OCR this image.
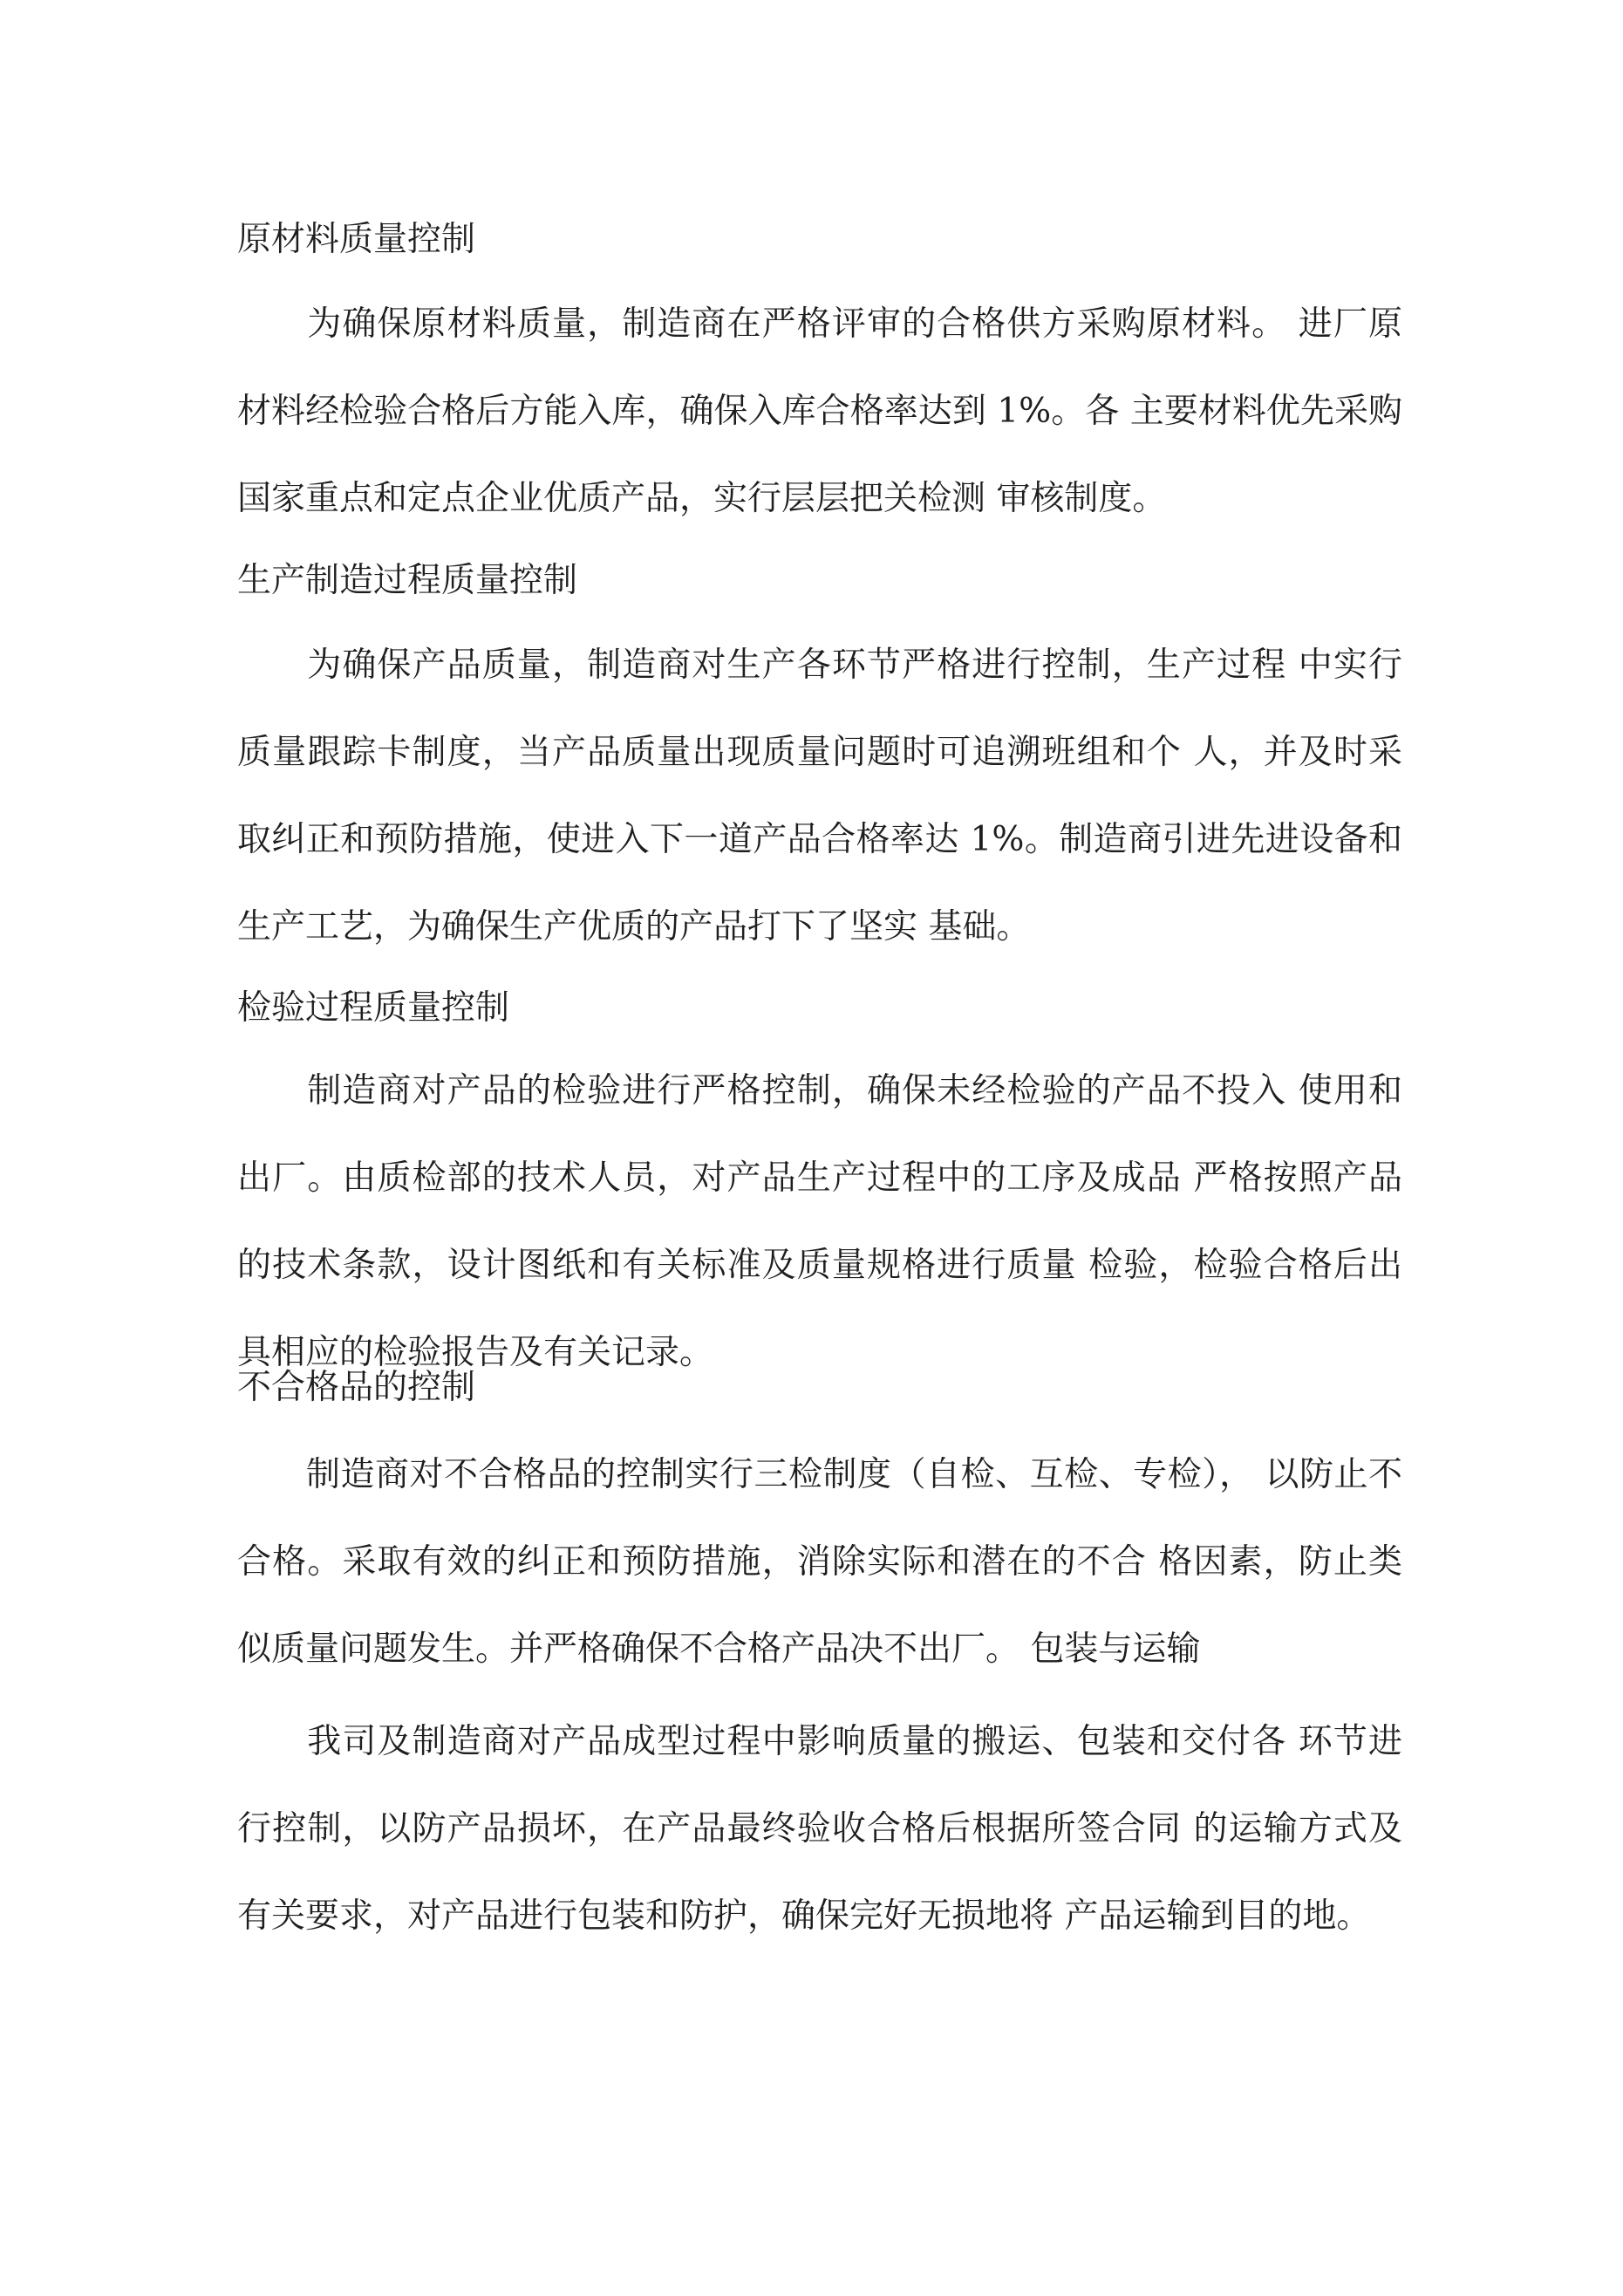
原材料质量控制
　　为确保原材料质量，制造商在严格评审的合格供方采购原材料。 进厂原材料经检验合格后方能入库，确保入库合格率达到 1%。各 主要材料优先采购国家重点和定点企业优质产品，实行层层把关检测 审核制度。
生产制造过程质量控制
　　为确保产品质量，制造商对生产各环节严格进行控制，生产过程 中实行质量跟踪卡制度，当产品质量出现质量问题时可追溯班组和个 人，并及时采取纠正和预防措施，使进入下一道产品合格率达 1%。制造商引进先进设备和生产工艺，为确保生产优质的产品打下了坚实 基础。
检验过程质量控制
　　制造商对产品的检验进行严格控制，确保未经检验的产品不投入 使用和出厂。由质检部的技术人员，对产品生产过程中的工序及成品 严格按照产品的技术条款，设计图纸和有关标准及质量规格进行质量 检验，检验合格后出具相应的检验报告及有关记录。
不合格品的控制
　　制造商对不合格品的控制实行三检制度（自检、互检、专检）， 以防止不合格。采取有效的纠正和预防措施，消除实际和潜在的不合 格因素，防止类似质量问题发生。并严格确保不合格产品决不出厂。 包装与运输
　　我司及制造商对产品成型过程中影响质量的搬运、包装和交付各 环节进行控制，以防产品损坏，在产品最终验收合格后根据所签合同 的运输方式及有关要求，对产品进行包装和防护，确保完好无损地将 产品运输到目的地。
